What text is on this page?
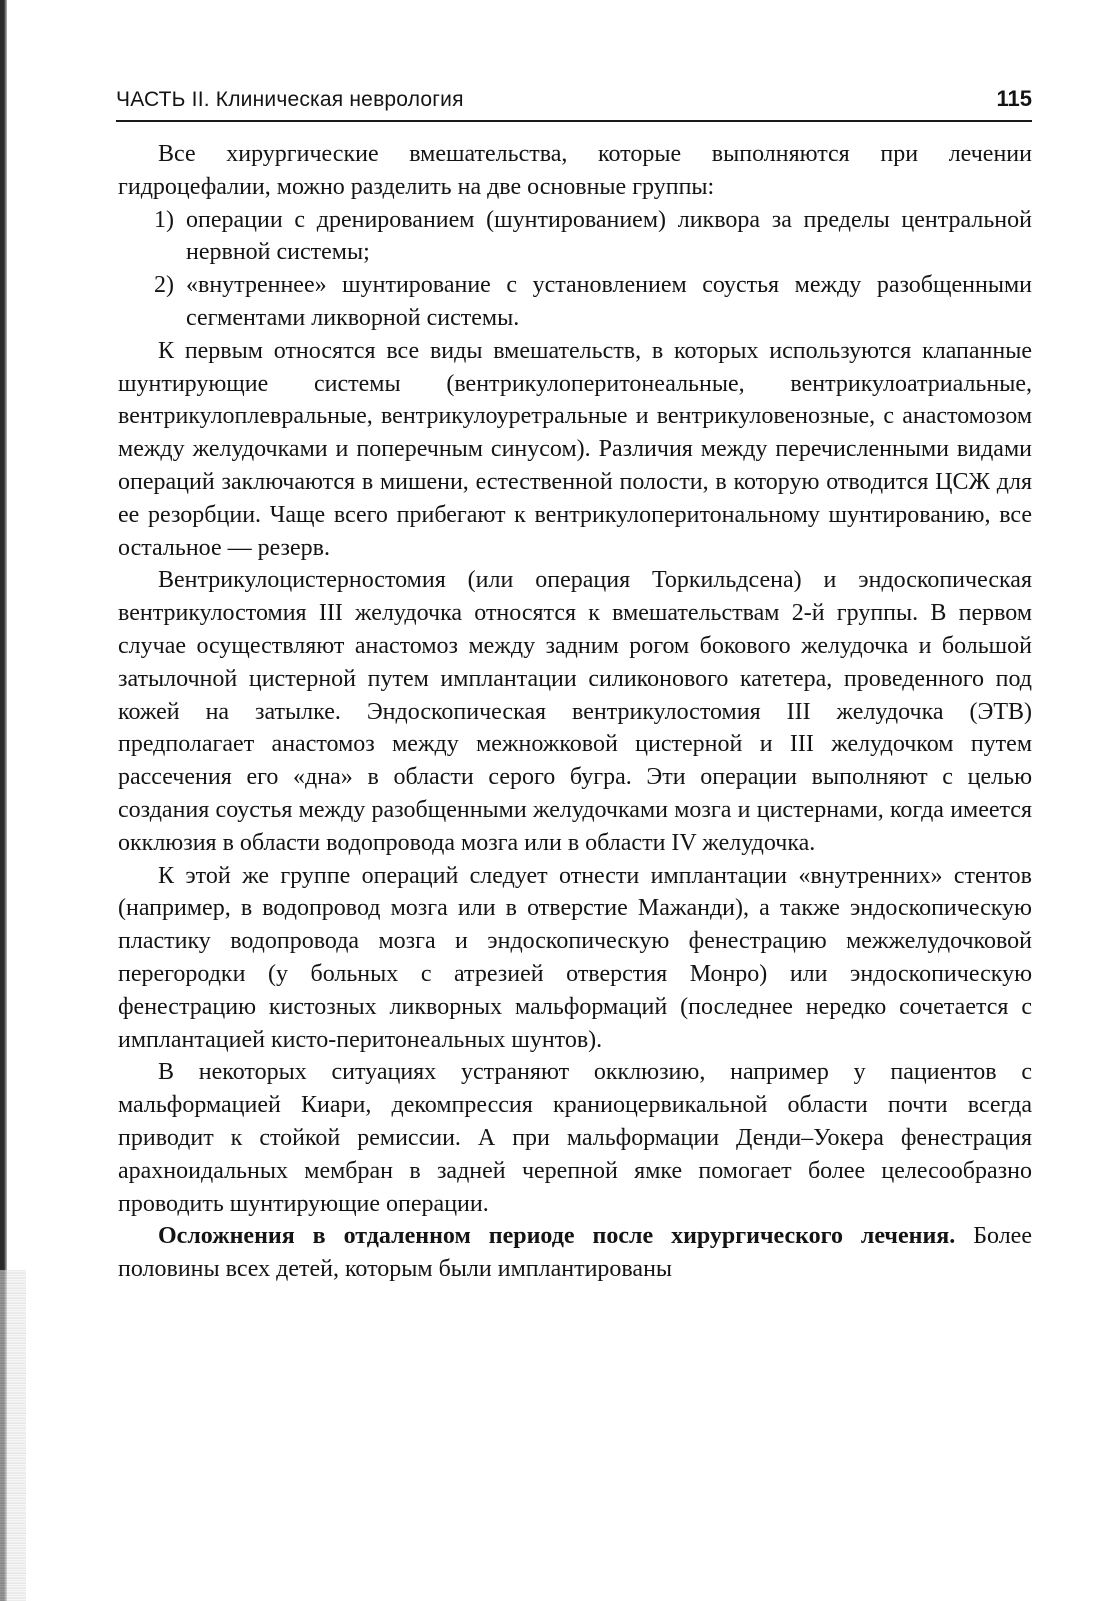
ЧАСТЬ II. Клиническая неврология	115

Все хирургические вмешательства, которые выполняются при лечении гидроцефалии, можно разделить на две основные группы:

1) операции с дренированием (шунтированием) ликвора за пределы центральной нервной системы;
2) «внутреннее» шунтирование с установлением соустья между разобщенными сегментами ликворной системы.

К первым относятся все виды вмешательств, в которых используются клапанные шунтирующие системы (вентрикулоперитонеальные, вентрикулоатриальные, вентрикулоплевральные, вентрикулоуретральные и вентрикуловенозные, с анастомозом между желудочками и поперечным синусом). Различия между перечисленными видами операций заключаются в мишени, естественной полости, в которую отводится ЦСЖ для ее резорбции. Чаще всего прибегают к вентрикулоперитональному шунтированию, все остальное — резерв.

Вентрикулоцистерностомия (или операция Торкильдсена) и эндоскопическая вентрикулостомия III желудочка относятся к вмешательствам 2-й группы. В первом случае осуществляют анастомоз между задним рогом бокового желудочка и большой затылочной цистерной путем имплантации силиконового катетера, проведенного под кожей на затылке. Эндоскопическая вентрикулостомия III желудочка (ЭТВ) предполагает анастомоз между межножковой цистерной и III желудочком путем рассечения его «дна» в области серого бугра. Эти операции выполняют с целью создания соустья между разобщенными желудочками мозга и цистернами, когда имеется окклюзия в области водопровода мозга или в области IV желудочка.

К этой же группе операций следует отнести имплантации «внутренних» стентов (например, в водопровод мозга или в отверстие Мажанди), а также эндоскопическую пластику водопровода мозга и эндоскопическую фенестрацию межжелудочковой перегородки (у больных с атрезией отверстия Монро) или эндоскопическую фенестрацию кистозных ликворных мальформаций (последнее нередко сочетается с имплантацией кисто-перитонеальных шунтов).

В некоторых ситуациях устраняют окклюзию, например у пациентов с мальформацией Киари, декомпрессия краниоцервикальной области почти всегда приводит к стойкой ремиссии. А при мальформации Денди–Уокера фенестрация арахноидальных мембран в задней черепной ямке помогает более целесообразно проводить шунтирующие операции.

Осложнения в отдаленном периоде после хирургического лечения. Более половины всех детей, которым были имплантированы
